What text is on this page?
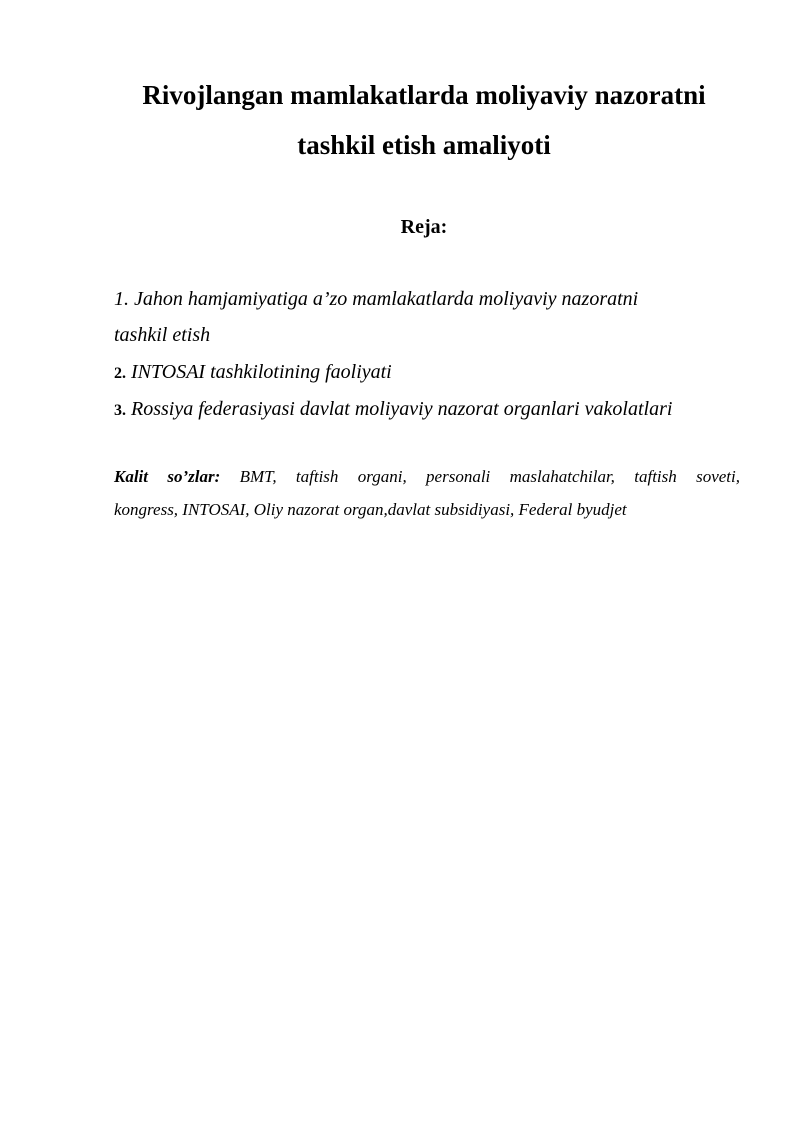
Rivojlangan mamlakatlarda moliyaviy nazoratni
tashkil etish amaliyoti
Reja:
1. Jahon hamjamiyatiga a’zo mamlakatlarda moliyaviy nazoratni
tashkil etish
2. INTOSAI tashkilotining faoliyati
3. Rossiya federasiyasi davlat moliyaviy nazorat organlari vakolatlari
Kalit so’zlar: BMT, taftish organi, personali maslahatchilar, taftish soveti,
kongress, INTOSAI, Oliy nazorat organ,davlat subsidiyasi, Federal byudjet
